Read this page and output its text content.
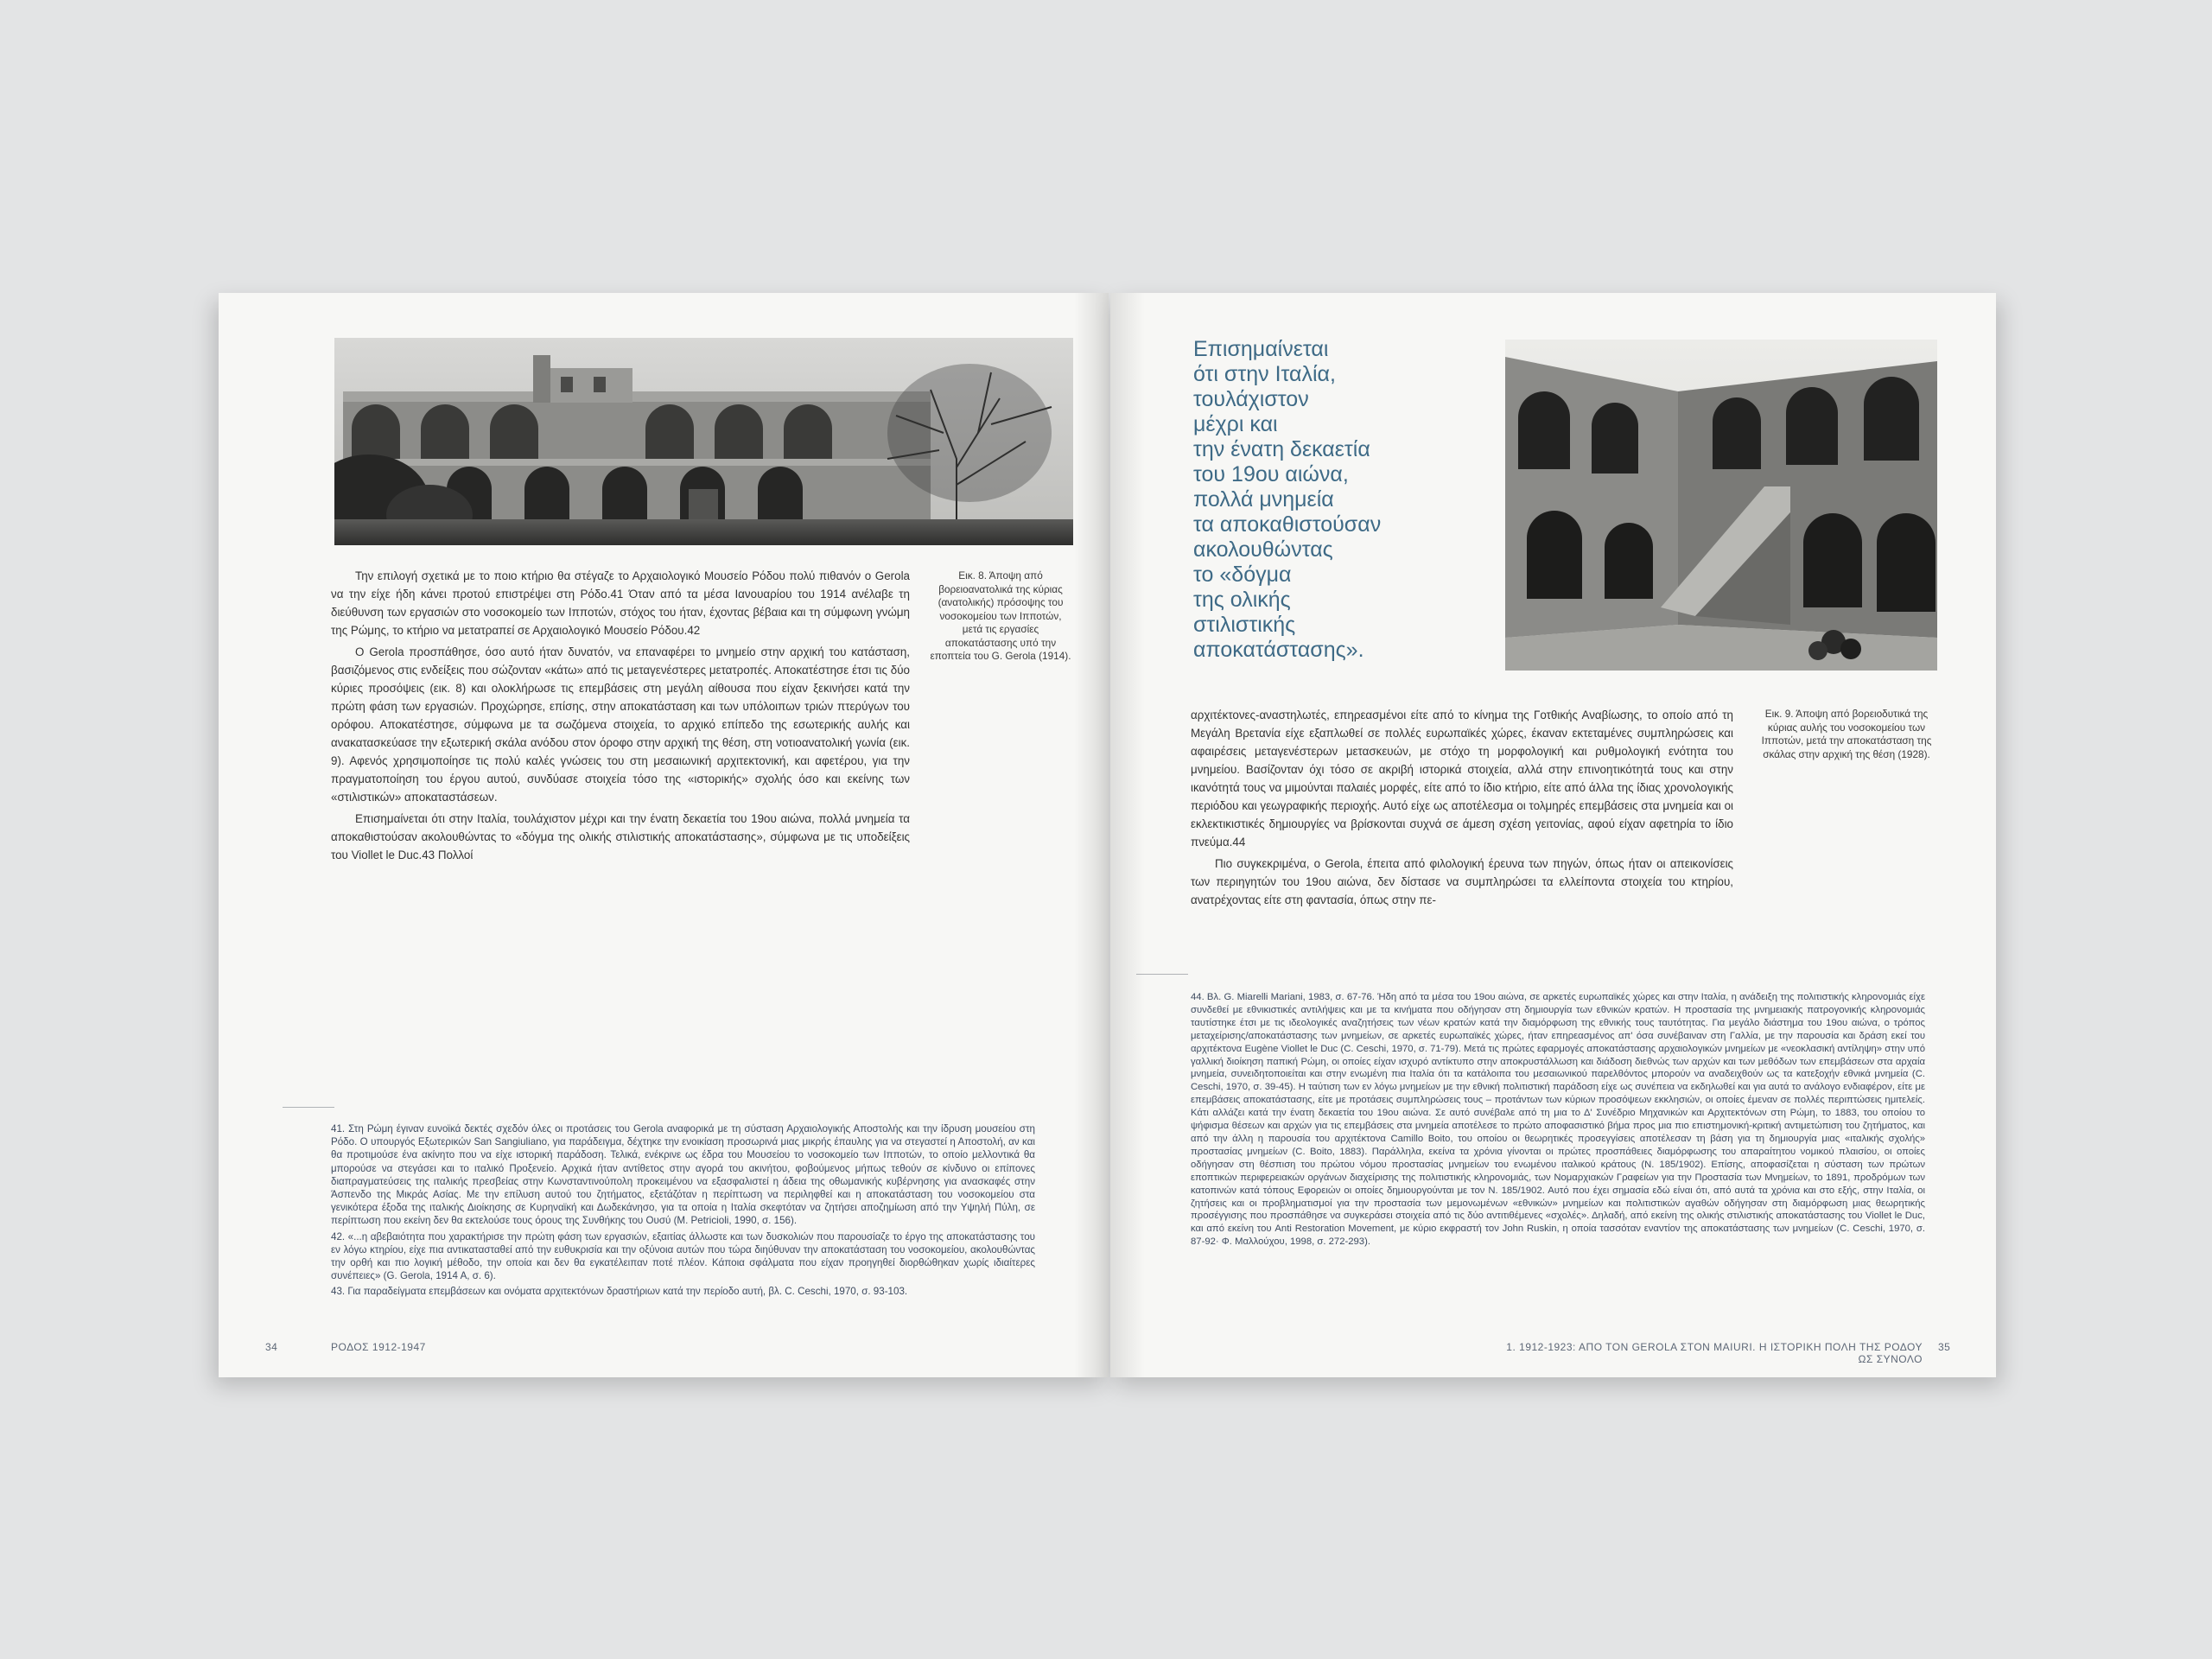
Την επιλογή σχετικά με το ποιο κτήριο θα στέγαζε το Αρχαιολογικό Μουσείο Ρόδου πολύ πιθανόν ο Gerola να την είχε ήδη κάνει προτού επιστρέψει στη Ρόδο.41 Όταν από τα μέσα Ιανουαρίου του 1914 ανέλαβε τη διεύθυνση των εργασιών στο νοσοκομείο των Ιπποτών, στόχος του ήταν, έχοντας βέβαια και τη σύμφωνη γνώμη της Ρώμης, το κτήριο να μετατραπεί σε Αρχαιολογικό Μουσείο Ρόδου.42

Ο Gerola προσπάθησε, όσο αυτό ήταν δυνατόν, να επαναφέρει το μνημείο στην αρχική του κατάσταση, βασιζόμενος στις ενδείξεις που σώζονταν «κάτω» από τις μεταγενέστερες μετατροπές. Αποκατέστησε έτσι τις δύο κύριες προσόψεις (εικ. 8) και ολοκλήρωσε τις επεμβάσεις στη μεγάλη αίθουσα που είχαν ξεκινήσει κατά την πρώτη φάση των εργασιών. Προχώρησε, επίσης, στην αποκατάσταση και των υπόλοιπων τριών πτερύγων του ορόφου. Αποκατέστησε, σύμφωνα με τα σωζόμενα στοιχεία, το αρχικό επίπεδο της εσωτερικής αυλής και ανακατασκεύασε την εξωτερική σκάλα ανόδου στον όροφο στην αρχική της θέση, στη νοτιοανατολική γωνία (εικ. 9). Αφενός χρησιμοποίησε τις πολύ καλές γνώσεις του στη μεσαιωνική αρχιτεκτονική, και αφετέρου, για την πραγματοποίηση του έργου αυτού, συνδύασε στοιχεία τόσο της «ιστορικής» σχολής όσο και εκείνης των «στιλιστικών» αποκαταστάσεων.

Επισημαίνεται ότι στην Ιταλία, τουλάχιστον μέχρι και την ένατη δεκαετία του 19ου αιώνα, πολλά μνημεία τα αποκαθιστούσαν ακολουθώντας το «δόγμα της ολικής στιλιστικής αποκατάστασης», σύμφωνα με τις υποδείξεις του Viollet le Duc.43 Πολλοί

Εικ. 8. Άποψη από βορειοανατολικά της κύριας (ανατολικής) πρόσοψης του νοσοκομείου των Ιπποτών, μετά τις εργασίες αποκατάστασης υπό την εποπτεία του G. Gerola (1914).

41. Στη Ρώμη έγιναν ευνοϊκά δεκτές σχεδόν όλες οι προτάσεις του Gerola αναφορικά με τη σύσταση Αρχαιολογικής Αποστολής και την ίδρυση μουσείου στη Ρόδο. Ο υπουργός Εξωτερικών San Sangiuliano, για παράδειγμα, δέχτηκε την ενοικίαση προσωρινά μιας μικρής έπαυλης για να στεγαστεί η Αποστολή, αν και θα προτιμούσε ένα ακίνητο που να είχε ιστορική παράδοση. Τελικά, ενέκρινε ως έδρα του Μουσείου το νοσοκομείο των Ιπποτών, το οποίο μελλοντικά θα μπορούσε να στεγάσει και το ιταλικό Προξενείο. Αρχικά ήταν αντίθετος στην αγορά του ακινήτου, φοβούμενος μήπως τεθούν σε κίνδυνο οι επίπονες διαπραγματεύσεις της ιταλικής πρεσβείας στην Κωνσταντινούπολη προκειμένου να εξασφαλιστεί η άδεια της οθωμανικής κυβέρνησης για ανασκαφές στην Άσπενδο της Μικράς Ασίας. Με την επίλυση αυτού του ζητήματος, εξετάζόταν η περίπτωση να περιληφθεί και η αποκατάσταση του νοσοκομείου στα γενικότερα έξοδα της ιταλικής Διοίκησης σε Κυρηναϊκή και Δωδεκάνησο, για τα οποία η Ιταλία σκεφτόταν να ζητήσει αποζημίωση από την Υψηλή Πύλη, σε περίπτωση που εκείνη δεν θα εκτελούσε τους όρους της Συνθήκης του Ουσύ (M. Petricioli, 1990, σ. 156).

42. «...η αβεβαιότητα που χαρακτήρισε την πρώτη φάση των εργασιών, εξαιτίας άλλωστε και των δυσκολιών που παρουσίαζε το έργο της αποκατάστασης του εν λόγω κτηρίου, είχε πια αντικατασταθεί από την ευθυκρισία και την οξύνοια αυτών που τώρα διηύθυναν την αποκατάσταση του νοσοκομείου, ακολουθώντας την ορθή και πιο λογική μέθοδο, την οποία και δεν θα εγκατέλειπαν ποτέ πλέον. Κάποια σφάλματα που είχαν προηγηθεί διορθώθηκαν χωρίς ιδιαίτερες συνέπειες» (G. Gerola, 1914 A, σ. 6).

43. Για παραδείγματα επεμβάσεων και ονόματα αρχιτεκτόνων δραστήριων κατά την περίοδο αυτή, βλ. C. Ceschi, 1970, σ. 93-103.

34	ΡΟΔΟΣ 1912-1947
Επισημαίνεται
ότι στην Ιταλία,
τουλάχιστον
μέχρι και
την ένατη δεκαετία
του 19ου αιώνα,
πολλά μνημεία
τα αποκαθιστούσαν
ακολουθώντας
το «δόγμα
της ολικής
στιλιστικής
αποκατάστασης».

αρχιτέκτονες-αναστηλωτές, επηρεασμένοι είτε από το κίνημα της Γοτθικής Αναβίωσης, το οποίο από τη Μεγάλη Βρετανία είχε εξαπλωθεί σε πολλές ευρωπαϊκές χώρες, έκαναν εκτεταμένες συμπληρώσεις και αφαιρέσεις μεταγενέστερων μετασκευών, με στόχο τη μορφολογική και ρυθμολογική ενότητα του μνημείου. Βασίζονταν όχι τόσο σε ακριβή ιστορικά στοιχεία, αλλά στην επινοητικότητά τους και στην ικανότητά τους να μιμούνται παλαιές μορφές, είτε από το ίδιο κτήριο, είτε από άλλα της ίδιας χρονολογικής περιόδου και γεωγραφικής περιοχής. Αυτό είχε ως αποτέλεσμα οι τολμηρές επεμβάσεις στα μνημεία και οι εκλεκτικιστικές δημιουργίες να βρίσκονται συχνά σε άμεση σχέση γειτονίας, αφού είχαν αφετηρία το ίδιο πνεύμα.44

Πιο συγκεκριμένα, ο Gerola, έπειτα από φιλολογική έρευνα των πηγών, όπως ήταν οι απεικονίσεις των περιηγητών του 19ου αιώνα, δεν δίστασε να συμπληρώσει τα ελλείποντα στοιχεία του κτηρίου, ανατρέχοντας είτε στη φαντασία, όπως στην πε-

Εικ. 9. Άποψη από βορειοδυτικά της κύριας αυλής του νοσοκομείου των Ιπποτών, μετά την αποκατάσταση της σκάλας στην αρχική της θέση (1928).

44. Βλ. G. Miarelli Mariani, 1983, σ. 67-76. Ήδη από τα μέσα του 19ου αιώνα, σε αρκετές ευρωπαϊκές χώρες και στην Ιταλία, η ανάδειξη της πολιτιστικής κληρονομιάς είχε συνδεθεί με εθνικιστικές αντιλήψεις και με τα κινήματα που οδήγησαν στη δημιουργία των εθνικών κρατών. Η προστασία της μνημειακής πατρογονικής κληρονομιάς ταυτίστηκε έτσι με τις ιδεολογικές αναζητήσεις των νέων κρατών κατά την διαμόρφωση της εθνικής τους ταυτότητας. Για μεγάλο διάστημα του 19ου αιώνα, ο τρόπος μεταχείρισης/αποκατάστασης των μνημείων, σε αρκετές ευρωπαϊκές χώρες, ήταν επηρεασμένος απ' όσα συνέβαιναν στη Γαλλία, με την παρουσία και δράση εκεί του αρχιτέκτονα Eugène Viollet le Duc (C. Ceschi, 1970, σ. 71-79). Μετά τις πρώτες εφαρμογές αποκατάστασης αρχαιολογικών μνημείων με «νεοκλασική αντίληψη» στην υπό γαλλική διοίκηση παπική Ρώμη, οι οποίες είχαν ισχυρό αντίκτυπο στην αποκρυστάλλωση και διάδοση διεθνώς των αρχών και των μεθόδων των επεμβάσεων στα αρχαία μνημεία, συνειδητοποιείται και στην ενωμένη πια Ιταλία ότι τα κατάλοιπα του μεσαιωνικού παρελθόντος μπορούν να αναδειχθούν ως τα κατεξοχήν εθνικά μνημεία (C. Ceschi, 1970, σ. 39-45). Η ταύτιση των εν λόγω μνημείων με την εθνική πολιτιστική παράδοση είχε ως συνέπεια να εκδηλωθεί και για αυτά το ανάλογο ενδιαφέρον, είτε με επεμβάσεις αποκατάστασης, είτε με προτάσεις συμπληρώσεις τους – προτάντων των κύριων προσόψεων εκκλησιών, οι οποίες έμεναν σε πολλές περιπτώσεις ημιτελείς. Κάτι αλλάζει κατά την ένατη δεκαετία του 19ου αιώνα. Σε αυτό συνέβαλε από τη μια το Δ' Συνέδριο Μηχανικών και Αρχιτεκτόνων στη Ρώμη, το 1883, του οποίου το ψήφισμα θέσεων και αρχών για τις επεμβάσεις στα μνημεία αποτέλεσε το πρώτο αποφασιστικό βήμα προς μια πιο επιστημονική-κριτική αντιμετώπιση του ζητήματος, και από την άλλη η παρουσία του αρχιτέκτονα Camillo Boito, του οποίου οι θεωρητικές προσεγγίσεις αποτέλεσαν τη βάση για τη δημιουργία μιας «ιταλικής σχολής» προστασίας μνημείων (C. Boito, 1883). Παράλληλα, εκείνα τα χρόνια γίνονται οι πρώτες προσπάθειες διαμόρφωσης του απαραίτητου νομικού πλαισίου, οι οποίες οδήγησαν στη θέσπιση του πρώτου νόμου προστασίας μνημείων του ενωμένου ιταλικού κράτους (Ν. 185/1902). Επίσης, αποφασίζεται η σύσταση των πρώτων εποπτικών περιφερειακών οργάνων διαχείρισης της πολιτιστικής κληρονομιάς, των Νομαρχιακών Γραφείων για την Προστασία των Μνημείων, το 1891, προδρόμων των κατοπινών κατά τόπους Εφορειών οι οποίες δημιουργούνται με τον Ν. 185/1902. Αυτό που έχει σημασία εδώ είναι ότι, από αυτά τα χρόνια και στο εξής, στην Ιταλία, οι ζητήσεις και οι προβληματισμοί για την προστασία των μεμονωμένων «εθνικών» μνημείων και πολιτιστικών αγαθών οδήγησαν στη διαμόρφωση μιας θεωρητικής προσέγγισης που προσπάθησε να συγκεράσει στοιχεία από τις δύο αντιτιθέμενες «σχολές». Δηλαδή, από εκείνη της ολικής στιλιστικής αποκατάστασης του Viollet le Duc, και από εκείνη του Anti Restoration Movement, με κύριο εκφραστή τον John Ruskin, η οποία τασσόταν εναντίον της αποκατάστασης των μνημείων (C. Ceschi, 1970, σ. 87-92· Φ. Μαλλούχου, 1998, σ. 272-293).

1. 1912-1923: ΑΠΟ ΤΟΝ GEROLA ΣΤΟΝ MAIURI. Η ΙΣΤΟΡΙΚΗ ΠΟΛΗ ΤΗΣ ΡΟΔΟΥ ΩΣ ΣΥΝΟΛΟ
35
